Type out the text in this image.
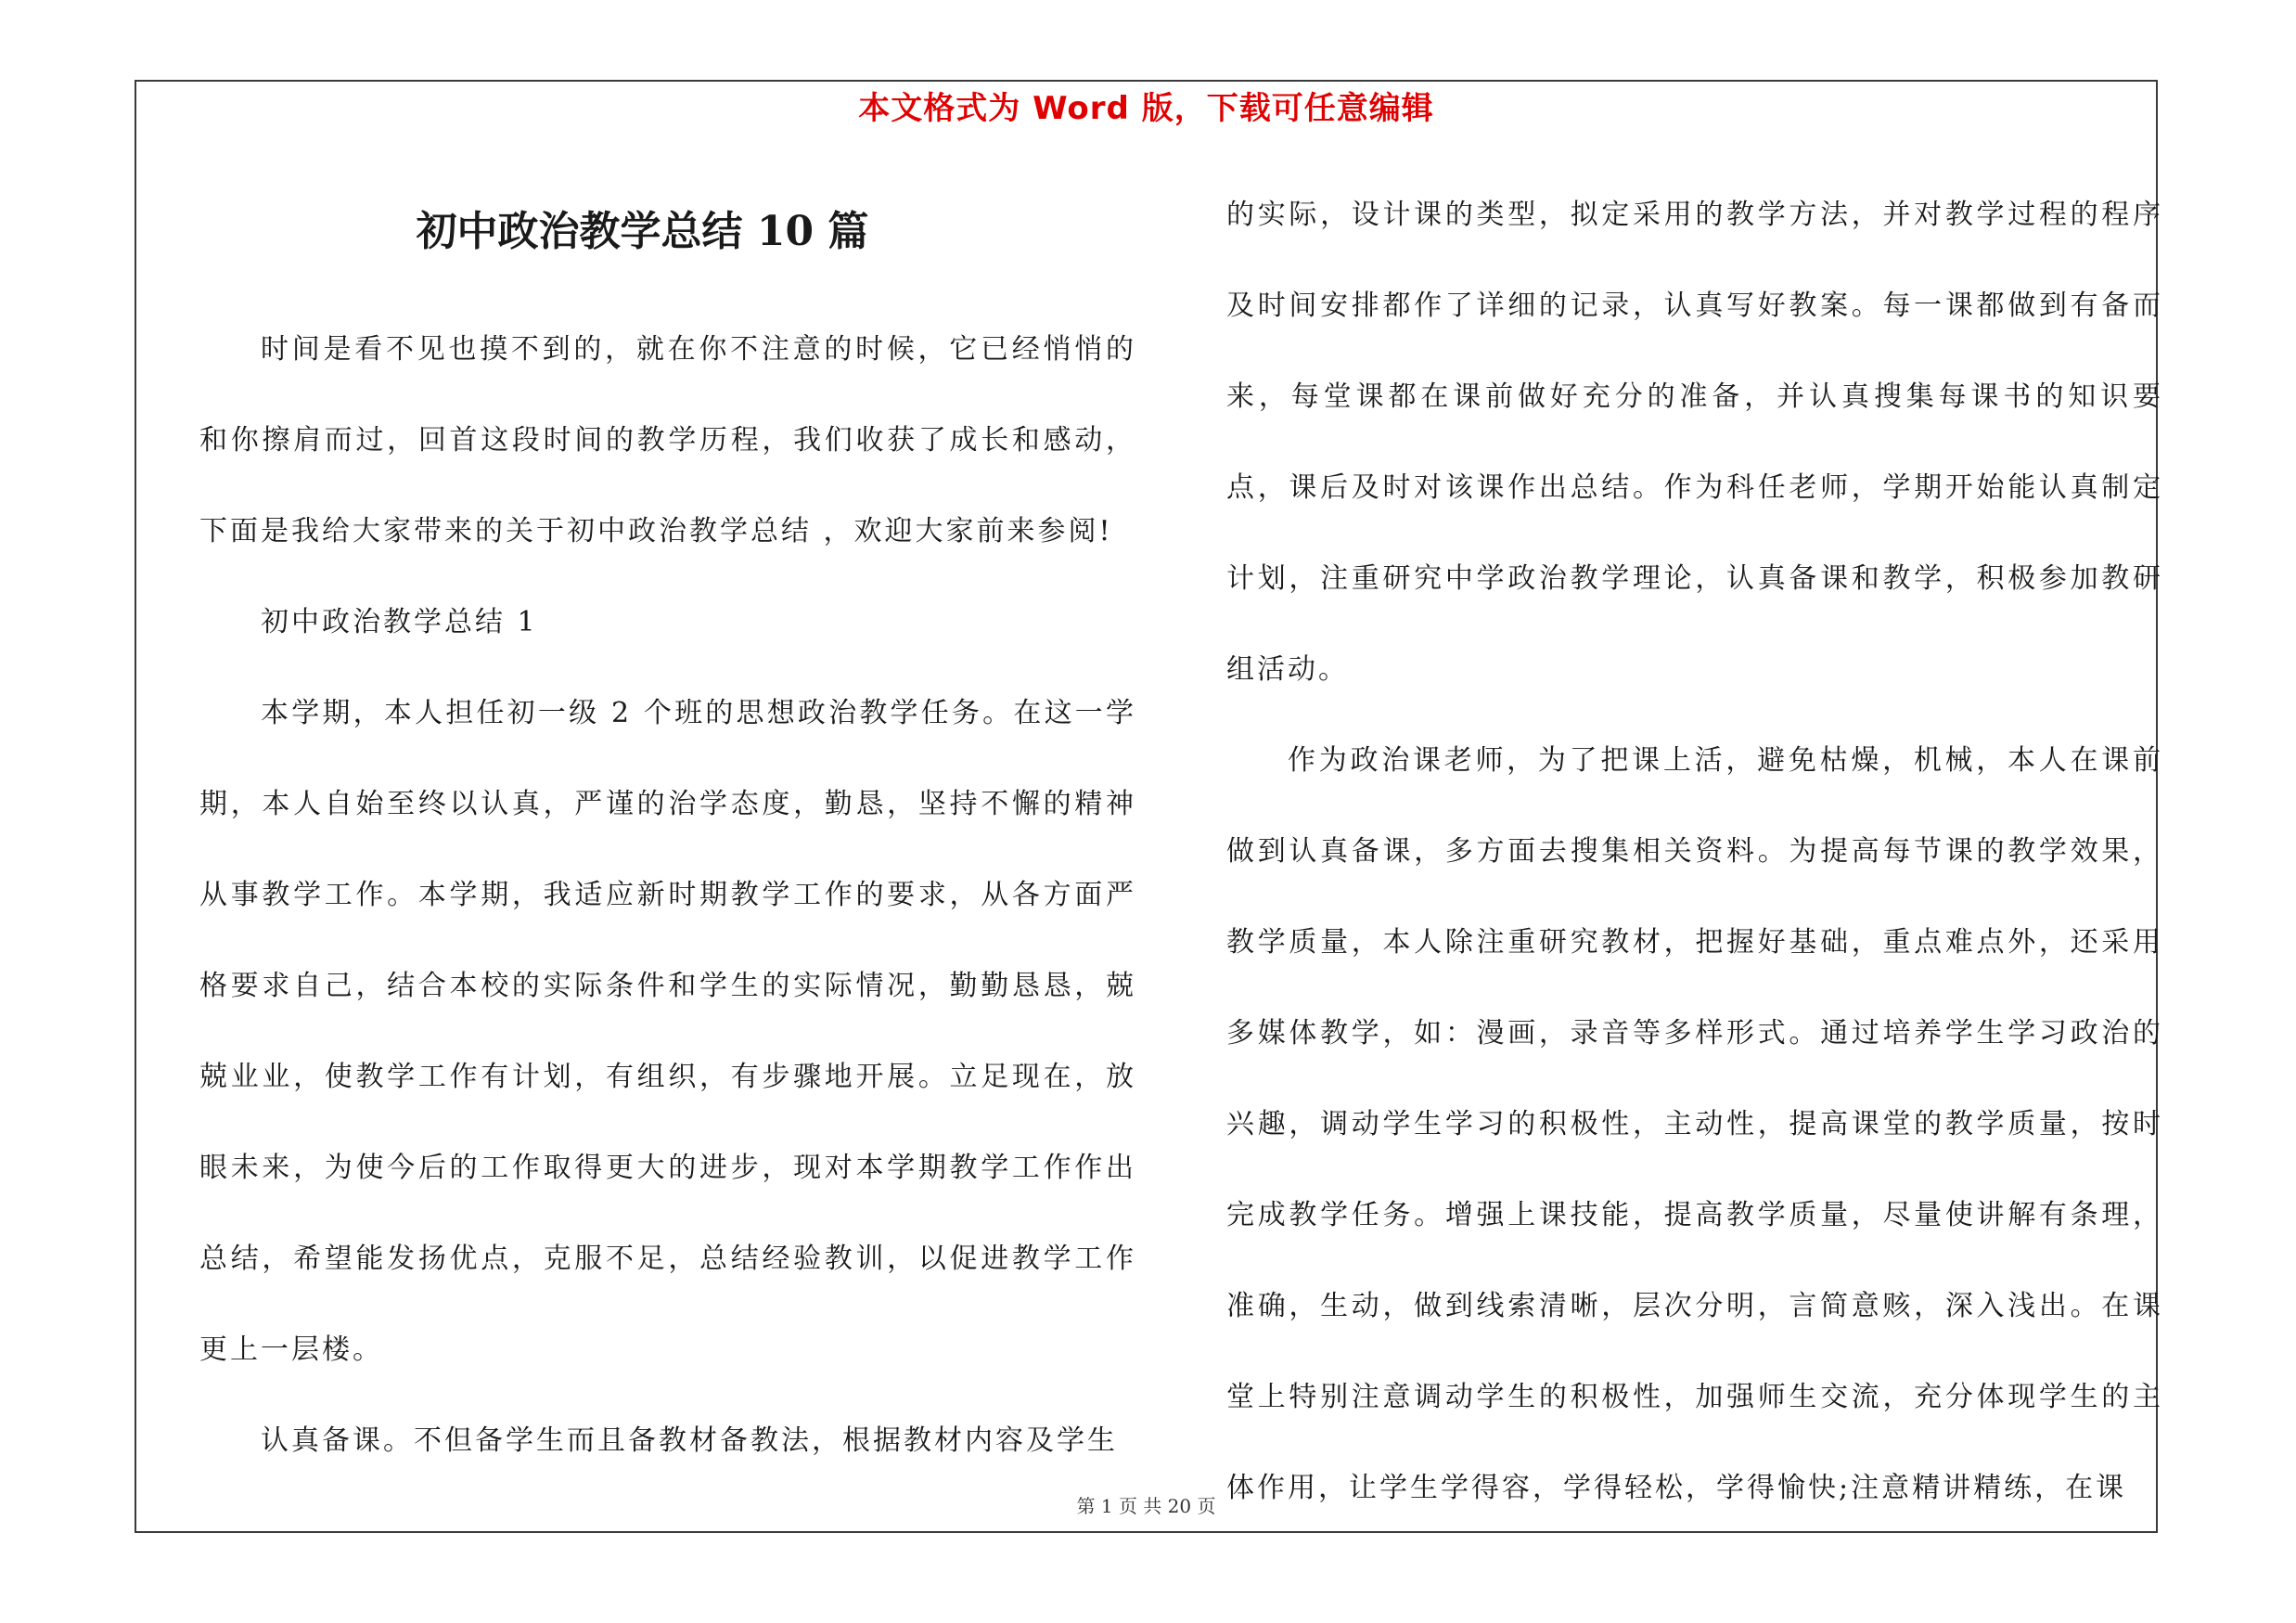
本文格式为 Word 版，下载可任意编辑
初中政治教学总结 10 篇

时间是看不见也摸不到的，就在你不注意的时候，它已经悄悄的和你擦肩而过，回首这段时间的教学历程，我们收获了成长和感动，下面是我给大家带来的关于初中政治教学总结 ，欢迎大家前来参阅!

初中政治教学总结 1

本学期，本人担任初一级 2 个班的思想政治教学任务。在这一学期，本人自始至终以认真，严谨的治学态度，勤恳，坚持不懈的精神从事教学工作。本学期，我适应新时期教学工作的要求，从各方面严格要求自己，结合本校的实际条件和学生的实际情况，勤勤恳恳，兢兢业业，使教学工作有计划，有组织，有步骤地开展。立足现在，放眼未来，为使今后的工作取得更大的进步，现对本学期教学工作作出总结，希望能发扬优点，克服不足，总结经验教训，以促进教学工作更上一层楼。

认真备课。不但备学生而且备教材备教法，根据教材内容及学生

的实际，设计课的类型，拟定采用的教学方法，并对教学过程的程序及时间安排都作了详细的记录，认真写好教案。每一课都做到有备而来，每堂课都在课前做好充分的准备，并认真搜集每课书的知识要点，课后及时对该课作出总结。作为科任老师，学期开始能认真制定计划，注重研究中学政治教学理论，认真备课和教学，积极参加教研组活动。

作为政治课老师，为了把课上活，避免枯燥，机械，本人在课前做到认真备课，多方面去搜集相关资料。为提高每节课的教学效果，教学质量，本人除注重研究教材，把握好基础，重点难点外，还采用多媒体教学，如：漫画，录音等多样形式。通过培养学生学习政治的兴趣，调动学生学习的积极性，主动性，提高课堂的教学质量，按时完成教学任务。增强上课技能，提高教学质量，尽量使讲解有条理，准确，生动，做到线索清晰，层次分明，言简意赅，深入浅出。在课堂上特别注意调动学生的积极性，加强师生交流，充分体现学生的主体作用，让学生学得容，学得轻松，学得愉快;注意精讲精练，在课

第 1 页 共 20 页
